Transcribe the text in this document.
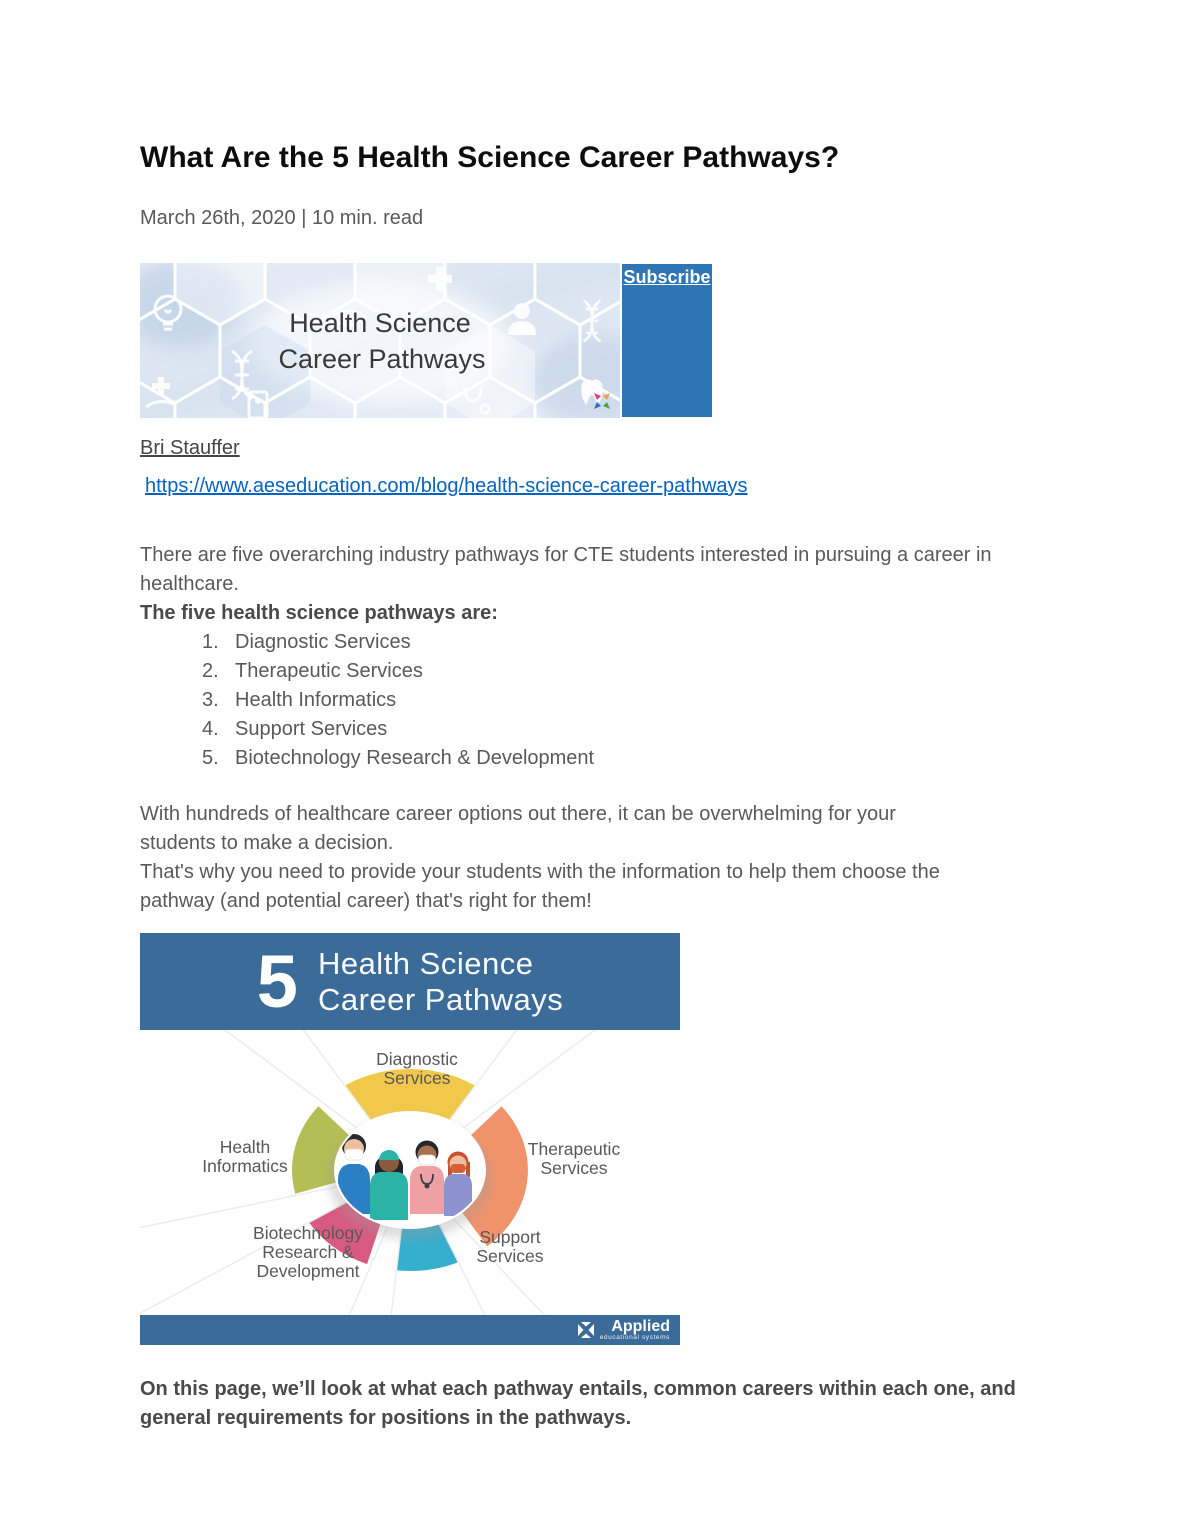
What Are the 5 Health Science Career Pathways?
March 26th, 2020 | 10 min. read
Health Science
Career Pathways
Subscribe
Bri Stauffer
https://www.aeseducation.com/blog/health-science-career-pathways
There are five overarching industry pathways for CTE students interested in pursuing a career in
healthcare.
The five health science pathways are:
1. Diagnostic Services
2. Therapeutic Services
3. Health Informatics
4. Support Services
5. Biotechnology Research & Development
With hundreds of healthcare career options out there, it can be overwhelming for your
students to make a decision.
That's why you need to provide your students with the information to help them choose the
pathway (and potential career) that's right for them!
5 Health Science
Career Pathways
Diagnostic
Services
Health
Informatics
Therapeutic
Services
Biotechnology
Research &
Development
Support
Services
Applied
educational systems
On this page, we’ll look at what each pathway entails, common careers within each one, and
general requirements for positions in the pathways.
